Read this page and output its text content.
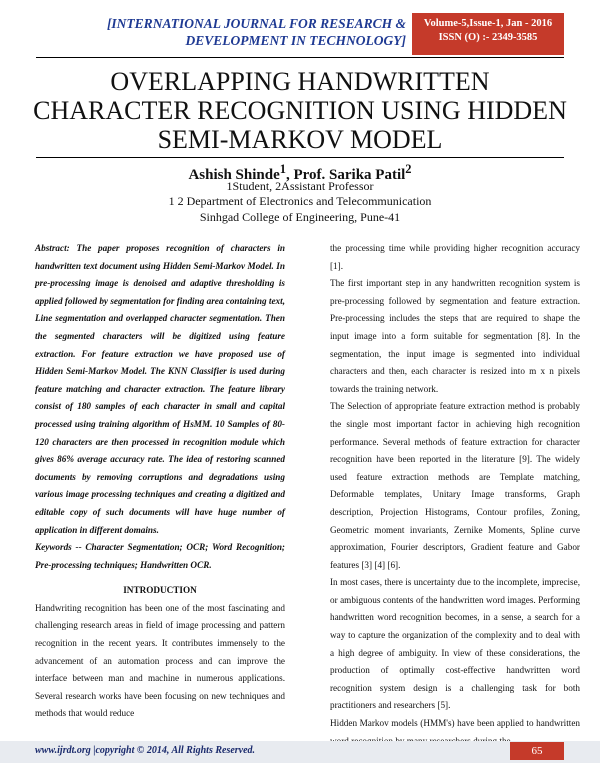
[INTERNATIONAL JOURNAL FOR RESEARCH &
DEVELOPMENT IN TECHNOLOGY]
Volume-5,Issue-1, Jan - 2016
ISSN (O) :- 2349-3585
OVERLAPPING HANDWRITTEN CHARACTER RECOGNITION USING HIDDEN SEMI-MARKOV MODEL
Ashish Shinde$^1$, Prof. Sarika Patil$^2$
1Student, 2Assistant Professor
1 2 Department of Electronics and Telecommunication
Sinhgad College of Engineering, Pune-41

Abstract: The paper proposes recognition of characters in handwritten text document using Hidden Semi-Markov Model. In pre-processing image is denoised and adaptive thresholding is applied followed by segmentation for finding area containing text, Line segmentation and overlapped character segmentation. Then the segmented characters will be digitized using feature extraction. For feature extraction we have proposed use of Hidden Semi-Markov Model. The KNN Classifier is used during feature matching and character extraction. The feature library consist of 180 samples of each character in small and capital processed using training algorithm of HsMM. 10 Samples of 80-120 characters are then processed in recognition module which gives 86% average accuracy rate. The idea of restoring scanned documents by removing corruptions and degradations using various image processing techniques and creating a digitized and editable copy of such documents will have huge number of application in different domains.

Keywords -- Character Segmentation; OCR; Word Recognition; Pre-processing techniques; Handwritten OCR.

INTRODUCTION

Handwriting recognition has been one of the most fascinating and challenging research areas in field of image processing and pattern recognition in the recent years. It contributes immensely to the advancement of an automation process and can improve the interface between man and machine in numerous applications. Several research works have been focusing on new techniques and methods that would reduce

the processing time while providing higher recognition accuracy [1].

The first important step in any handwritten recognition system is pre-processing followed by segmentation and feature extraction. Pre-processing includes the steps that are required to shape the input image into a form suitable for segmentation [8]. In the segmentation, the input image is segmented into individual characters and then, each character is resized into m x n pixels towards the training network.

The Selection of appropriate feature extraction method is probably the single most important factor in achieving high recognition performance. Several methods of feature extraction for character recognition have been reported in the literature [9]. The widely used feature extraction methods are Template matching, Deformable templates, Unitary Image transforms, Graph description, Projection Histograms, Contour profiles, Zoning, Geometric moment invariants, Zernike Moments, Spline curve approximation, Fourier descriptors, Gradient feature and Gabor features [3] [4] [6].

In most cases, there is uncertainty due to the incomplete, imprecise, or ambiguous contents of the handwritten word images. Performing handwritten word recognition becomes, in a sense, a search for a way to capture the organization of the complexity and to deal with a high degree of ambiguity. In view of these considerations, the production of optimally cost-effective handwritten word recognition system design is a challenging task for both practitioners and researchers [5].

Hidden Markov models (HMM's) have been applied to handwritten

www.ijrdt.org |copyright © 2014, All Rights Reserved.	65
